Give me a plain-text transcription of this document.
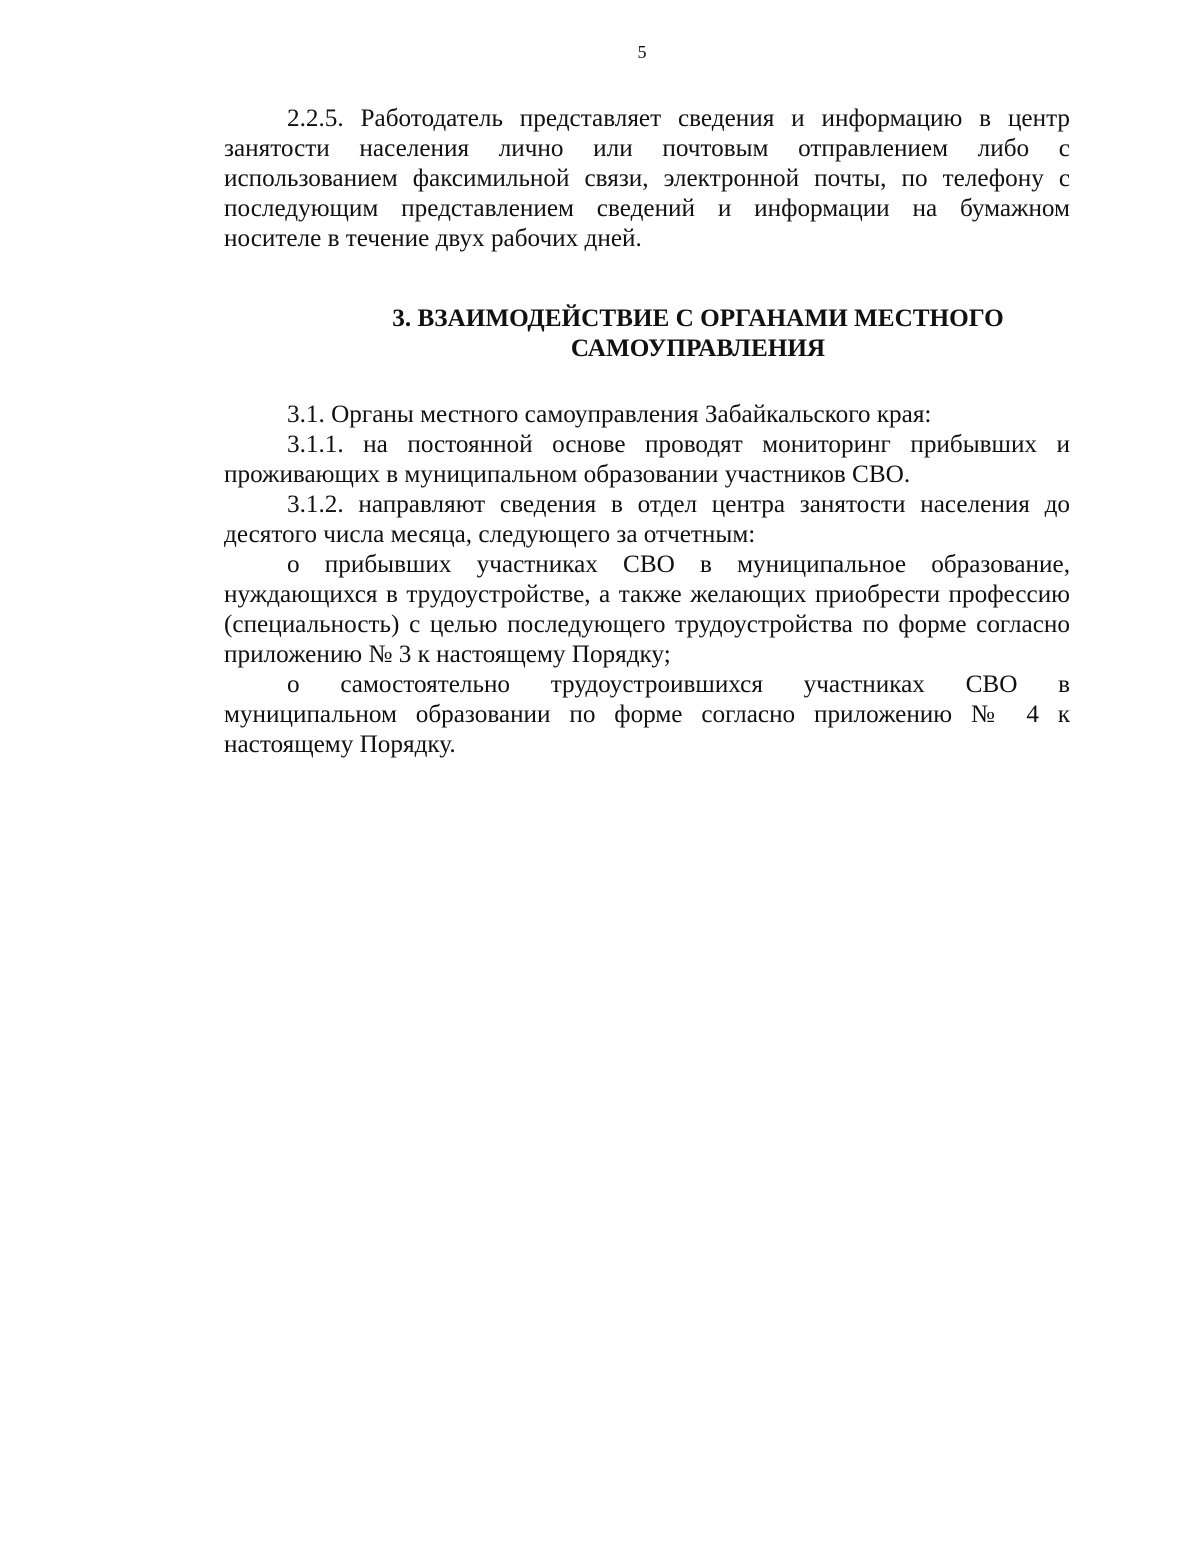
5

2.2.5. Работодатель представляет сведения и информацию в центр занятости населения лично или почтовым отправлением либо с использованием факсимильной связи, электронной почты, по телефону с последующим представлением сведений и информации на бумажном носителе в течение двух рабочих дней.

3. ВЗАИМОДЕЙСТВИЕ С ОРГАНАМИ МЕСТНОГО
САМОУПРАВЛЕНИЯ

3.1. Органы местного самоуправления Забайкальского края:

3.1.1. на постоянной основе проводят мониторинг прибывших и проживающих в муниципальном образовании участников СВО.

3.1.2. направляют сведения в отдел центра занятости населения до десятого числа месяца, следующего за отчетным:

о прибывших участниках СВО в муниципальное образование, нуждающихся в трудоустройстве, а также желающих приобрести профессию (специальность) с целью последующего трудоустройства по форме согласно приложению № 3 к настоящему Порядку;

о самостоятельно трудоустроившихся участниках СВО в муниципальном образовании по форме согласно приложению № 4 к настоящему Порядку.
